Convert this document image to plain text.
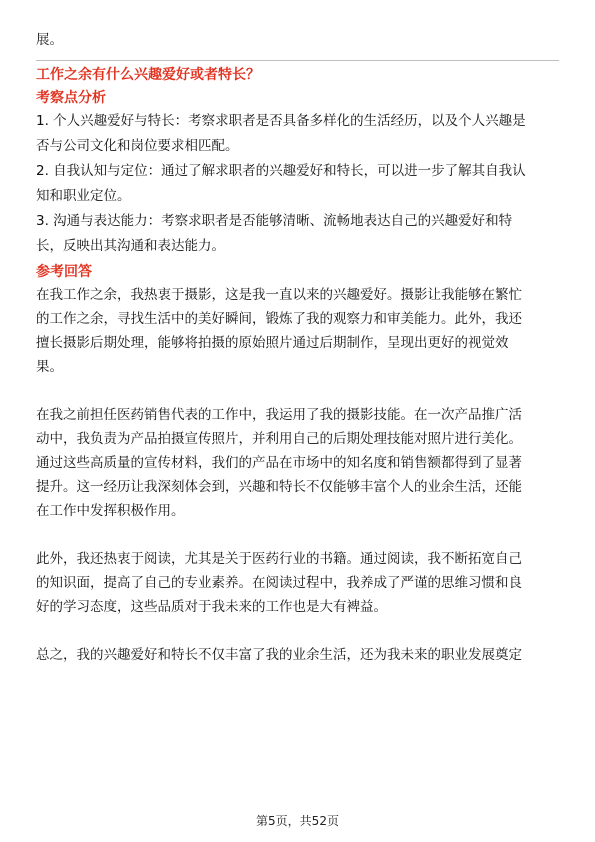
展。
工作之余有什么兴趣爱好或者特长？
考察点分析
1. 个人兴趣爱好与特长：考察求职者是否具备多样化的生活经历，以及个人兴趣是
否与公司文化和岗位要求相匹配。
2. 自我认知与定位：通过了解求职者的兴趣爱好和特长，可以进一步了解其自我认
知和职业定位。
3. 沟通与表达能力：考察求职者是否能够清晰、流畅地表达自己的兴趣爱好和特
长，反映出其沟通和表达能力。
参考回答
在我工作之余，我热衷于摄影，这是我一直以来的兴趣爱好。摄影让我能够在繁忙
的工作之余，寻找生活中的美好瞬间，锻炼了我的观察力和审美能力。此外，我还
擅长摄影后期处理，能够将拍摄的原始照片通过后期制作，呈现出更好的视觉效
果。
在我之前担任医药销售代表的工作中，我运用了我的摄影技能。在一次产品推广活
动中，我负责为产品拍摄宣传照片，并利用自己的后期处理技能对照片进行美化。
通过这些高质量的宣传材料，我们的产品在市场中的知名度和销售额都得到了显著
提升。这一经历让我深刻体会到，兴趣和特长不仅能够丰富个人的业余生活，还能
在工作中发挥积极作用。
此外，我还热衷于阅读，尤其是关于医药行业的书籍。通过阅读，我不断拓宽自己
的知识面，提高了自己的专业素养。在阅读过程中，我养成了严谨的思维习惯和良
好的学习态度，这些品质对于我未来的工作也是大有裨益。
总之，我的兴趣爱好和特长不仅丰富了我的业余生活，还为我未来的职业发展奠定
第5页，共52页
